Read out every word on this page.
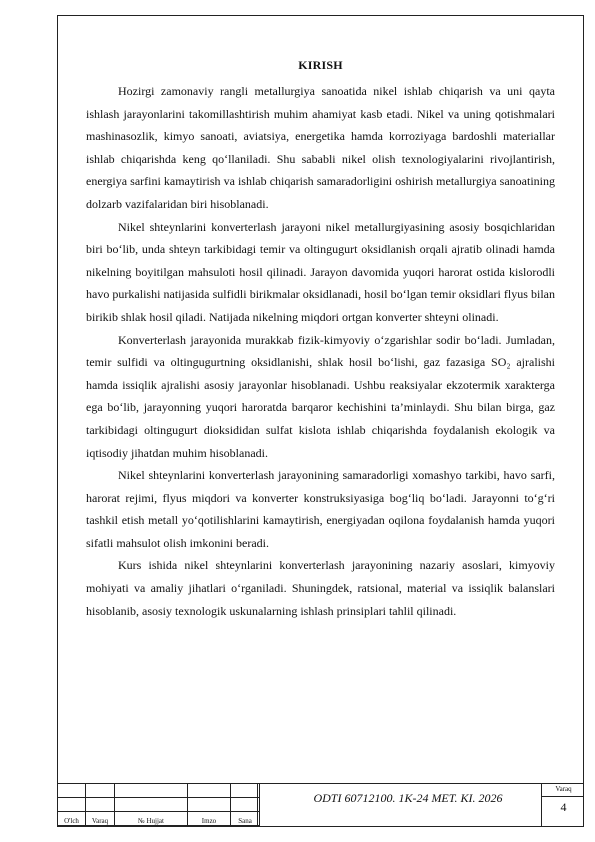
KIRISH

Hozirgi zamonaviy rangli metallurgiya sanoatida nikel ishlab chiqarish va uni qayta ishlash jarayonlarini takomillashtirish muhim ahamiyat kasb etadi. Nikel va uning qotishmalari mashinasozlik, kimyo sanoati, aviatsiya, energetika hamda korroziyaga bardoshli materiallar ishlab chiqarishda keng qo‘llaniladi. Shu sababli nikel olish texnologiyalarini rivojlantirish, energiya sarfini kamaytirish va ishlab chiqarish samaradorligini oshirish metallurgiya sanoatining dolzarb vazifalaridan biri hisoblanadi.

Nikel shteynlarini konverterlash jarayoni nikel metallurgiyasining asosiy bosqichlaridan biri bo‘lib, unda shteyn tarkibidagi temir va oltingugurt oksidlanish orqali ajratib olinadi hamda nikelning boyitilgan mahsuloti hosil qilinadi. Jarayon davomida yuqori harorat ostida kislorodli havo purkalishi natijasida sulfidli birikmalar oksidlanadi, hosil bo‘lgan temir oksidlari flyus bilan birikib shlak hosil qiladi. Natijada nikelning miqdori ortgan konverter shteyni olinadi.

Konverterlash jarayonida murakkab fizik-kimyoviy o‘zgarishlar sodir bo‘ladi. Jumladan, temir sulfidi va oltingugurtning oksidlanishi, shlak hosil bo‘lishi, gaz fazasiga SO₂ ajralishi hamda issiqlik ajralishi asosiy jarayonlar hisoblanadi. Ushbu reaksiyalar ekzotermik xarakterga ega bo‘lib, jarayonning yuqori haroratda barqaror kechishini ta’minlaydi. Shu bilan birga, gaz tarkibidagi oltingugurt dioksididan sulfat kislota ishlab chiqarishda foydalanish ekologik va iqtisodiy jihatdan muhim hisoblanadi.

Nikel shteynlarini konverterlash jarayonining samaradorligi xomashyo tarkibi, havo sarfi, harorat rejimi, flyus miqdori va konverter konstruksiyasiga bog‘liq bo‘ladi. Jarayonni to‘g‘ri tashkil etish metall yo‘qotilishlarini kamaytirish, energiyadan oqilona foydalanish hamda yuqori sifatli mahsulot olish imkonini beradi.

Kurs ishida nikel shteynlarini konverterlash jarayonining nazariy asoslari, kimyoviy mohiyati va amaliy jihatlari o‘rganiladi. Shuningdek, ratsional, material va issiqlik balanslari hisoblanib, asosiy texnologik uskunalarning ishlash prinsiplari tahlil qilinadi.

O'lch	Varaq	№ Hujjat	Imzo	Sana
ODTI 60712100. 1K-24 MET. KI. 2026
Varaq
4
